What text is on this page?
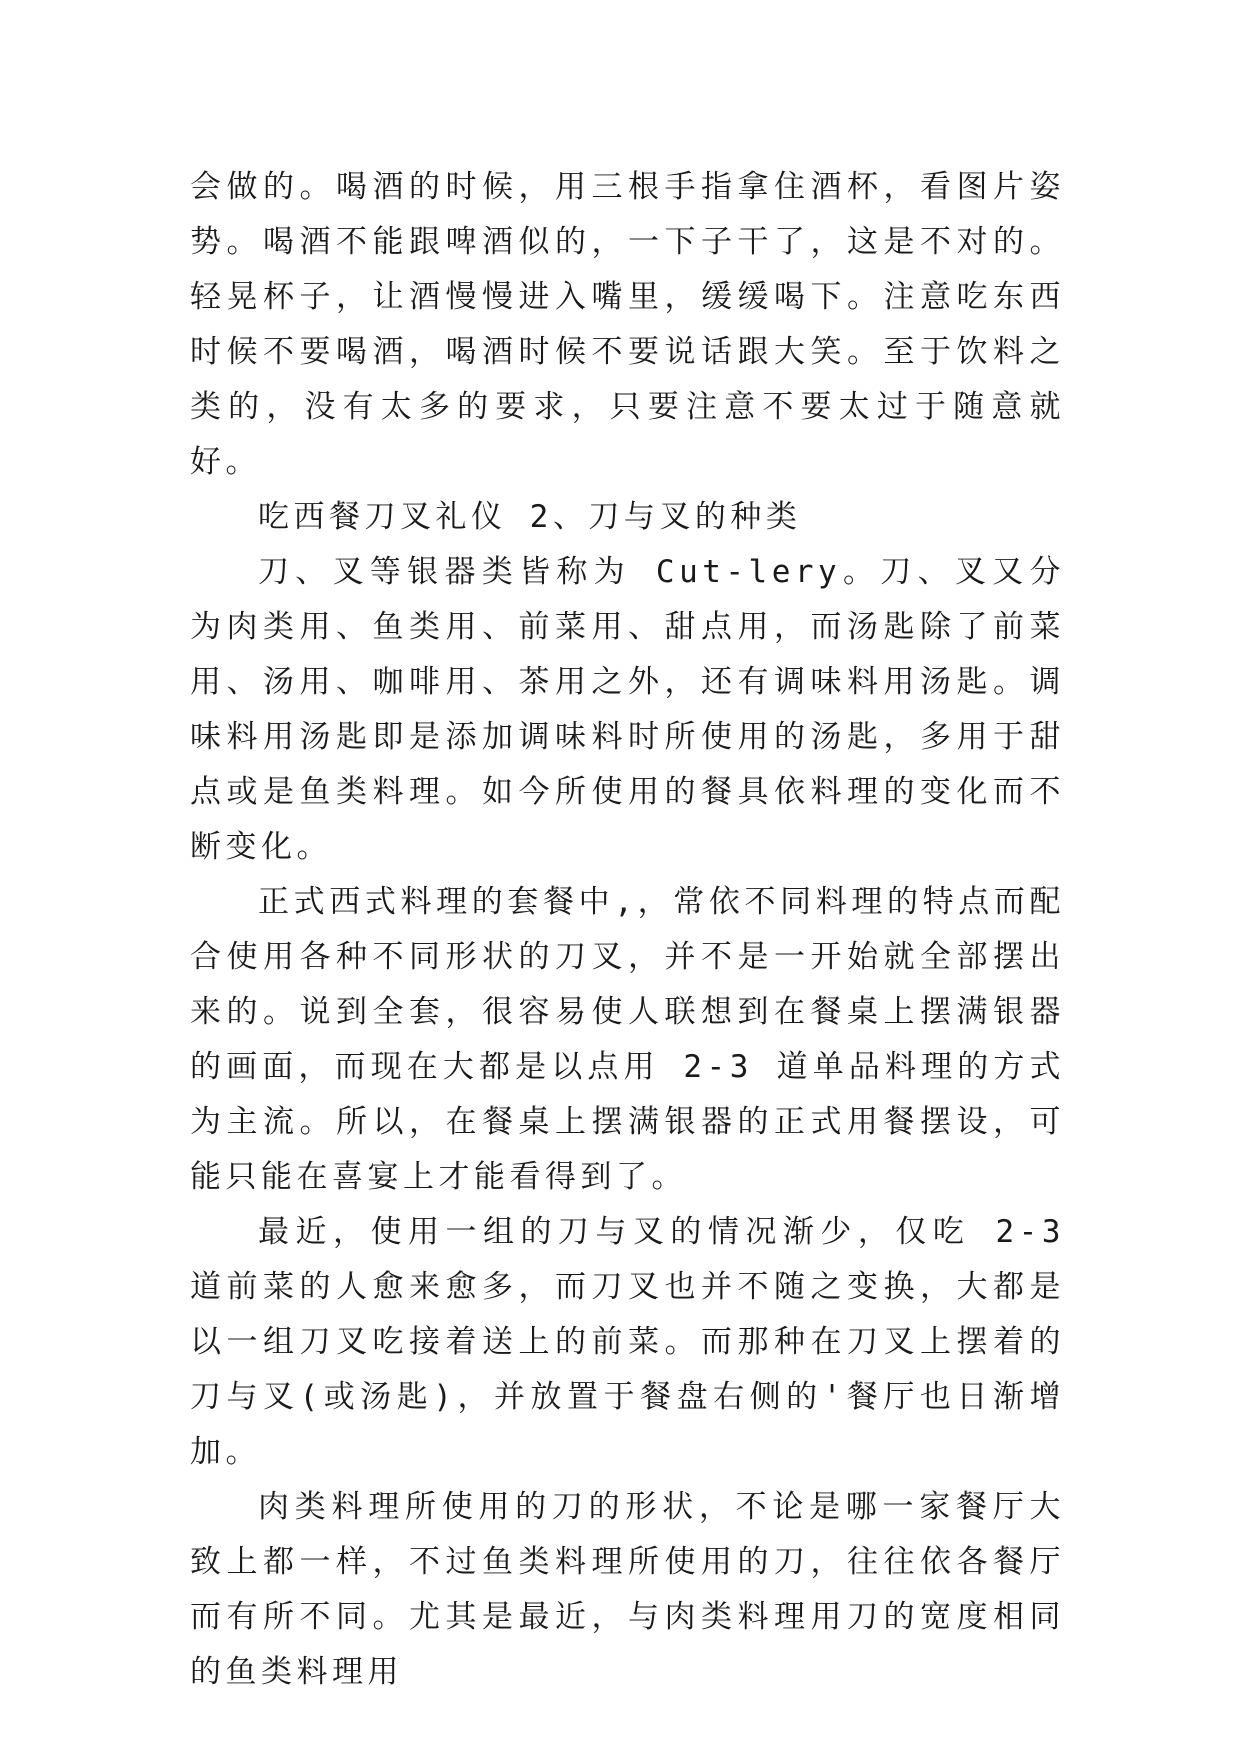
会做的。喝酒的时候，用三根手指拿住酒杯，看图片姿势。喝酒不能跟啤酒似的，一下子干了，这是不对的。轻晃杯子，让酒慢慢进入嘴里，缓缓喝下。注意吃东西时候不要喝酒，喝酒时候不要说话跟大笑。至于饮料之类的，没有太多的要求，只要注意不要太过于随意就好。

吃西餐刀叉礼仪 2、刀与叉的种类

刀、叉等银器类皆称为 Cut-lery。刀、叉又分为肉类用、鱼类用、前菜用、甜点用，而汤匙除了前菜用、汤用、咖啡用、茶用之外，还有调味料用汤匙。调味料用汤匙即是添加调味料时所使用的汤匙，多用于甜点或是鱼类料理。如今所使用的餐具依料理的变化而不断变化。

正式西式料理的套餐中,，常依不同料理的特点而配合使用各种不同形状的刀叉，并不是一开始就全部摆出来的。说到全套，很容易使人联想到在餐桌上摆满银器的画面，而现在大都是以点用 2-3 道单品料理的方式为主流。所以，在餐桌上摆满银器的正式用餐摆设，可能只能在喜宴上才能看得到了。

最近，使用一组的刀与叉的情况渐少，仅吃 2-3 道前菜的人愈来愈多，而刀叉也并不随之变换，大都是以一组刀叉吃接着送上的前菜。而那种在刀叉上摆着的刀与叉(或汤匙)，并放置于餐盘右侧的'餐厅也日渐增加。

肉类料理所使用的刀的形状，不论是哪一家餐厅大致上都一样，不过鱼类料理所使用的刀，往往依各餐厅而有所不同。尤其是最近，与肉类料理用刀的宽度相同的鱼类料理用
